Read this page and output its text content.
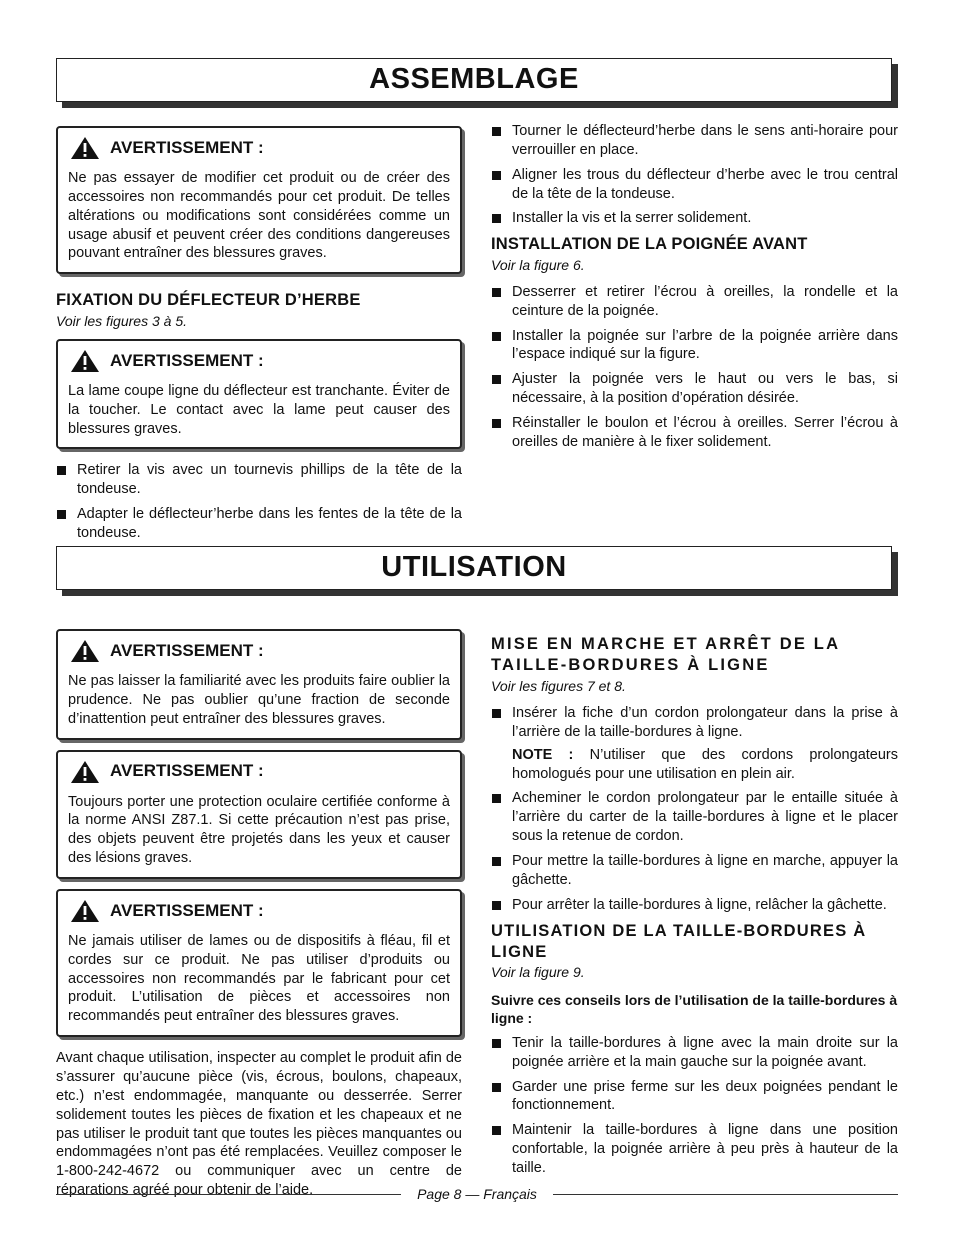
ASSEMBLAGE
AVERTISSEMENT :

Ne pas essayer de modifier cet produit ou de créer des accessoires non recommandés pour cet produit. De telles altérations ou modifications sont considérées comme un usage abusif et peuvent créer des conditions dangereuses pouvant entraîner des blessures graves.

FIXATION DU DÉFLECTEUR D’HERBE

Voir les figures 3 à 5.

AVERTISSEMENT :

La lame coupe ligne du déflecteur est tranchante. Éviter de la toucher. Le contact avec la lame peut causer des blessures graves.

Retirer la vis avec un tournevis phillips de la tête de la tondeuse.
Adapter le déflecteur’herbe dans les fentes de la tête de la tondeuse.
Tourner le déflecteurd’herbe dans le sens anti-horaire pour verrouiller en place.
Aligner les trous du déflecteur d’herbe avec le trou central de la tête de la tondeuse.
Installer la vis et la serrer solidement.

INSTALLATION DE LA POIGNÉE AVANT

Voir la figure 6.

Desserrer et retirer l’écrou à oreilles, la rondelle et la ceinture de la poignée.
Installer la poignée sur l’arbre de la poignée arrière dans l’espace indiqué sur la figure.
Ajuster la poignée vers le haut ou vers le bas, si nécessaire, à la position d’opération désirée.
Réinstaller le boulon et l’écrou à oreilles. Serrer l’écrou à oreilles de manière à le fixer solidement.
UTILISATION
AVERTISSEMENT :

Ne pas laisser la familiarité avec les produits faire oublier la prudence. Ne pas oublier qu’une fraction de seconde d’inattention peut entraîner des blessures graves.

AVERTISSEMENT :

Toujours porter une protection oculaire certifiée conforme à la norme ANSI Z87.1. Si cette précaution n’est pas prise, des objets peuvent être projetés dans les yeux et causer des lésions graves.

AVERTISSEMENT :

Ne jamais utiliser de lames ou de dispositifs à fléau, fil et cordes sur ce produit. Ne pas utiliser d’produits ou accessoires non recommandés par le fabricant pour cet produit. L’utilisation de pièces et accessoires non recommandés peut entraîner des blessures graves.

Avant chaque utilisation, inspecter au complet le produit afin de s’assurer qu’aucune pièce (vis, écrous, boulons, chapeaux, etc.) n’est endommagée, manquante ou desserrée. Serrer solidement toutes les pièces de fixation et les chapeaux et ne pas utiliser le produit tant que toutes les pièces manquantes ou endommagées n’ont pas été remplacées. Veuillez composer le 1-800-242-4672 ou communiquer avec un centre de réparations agréé pour obtenir de l’aide.

MISE EN MARCHE ET ARRÊT DE LA TAILLE-BORDURES À LIGNE

Voir les figures 7 et 8.

Insérer la fiche d’un cordon prolongateur dans la prise à l’arrière de la taille-bordures à ligne.

NOTE : N’utiliser que des cordons prolongateurs homologués pour une utilisation en plein air.

Acheminer le cordon prolongateur par le entaille située à l’arrière du carter de la taille-bordures à ligne et le placer sous la retenue de cordon.
Pour mettre la taille-bordures à ligne en marche, appuyer la gâchette.
Pour arrêter la taille-bordures à ligne, relâcher la gâchette.

UTILISATION DE LA TAILLE-BORDURES À LIGNE

Voir la figure 9.

Suivre ces conseils lors de l’utilisation de la taille-bordures à ligne :

Tenir la taille-bordures à ligne avec la main droite sur la poignée arrière et la main gauche sur la poignée avant.
Garder une prise ferme sur les deux poignées pendant le fonctionnement.
Maintenir la taille-bordures à ligne dans une position confortable, la poignée arrière à peu près à hauteur de la taille.
Page 8 — Français
